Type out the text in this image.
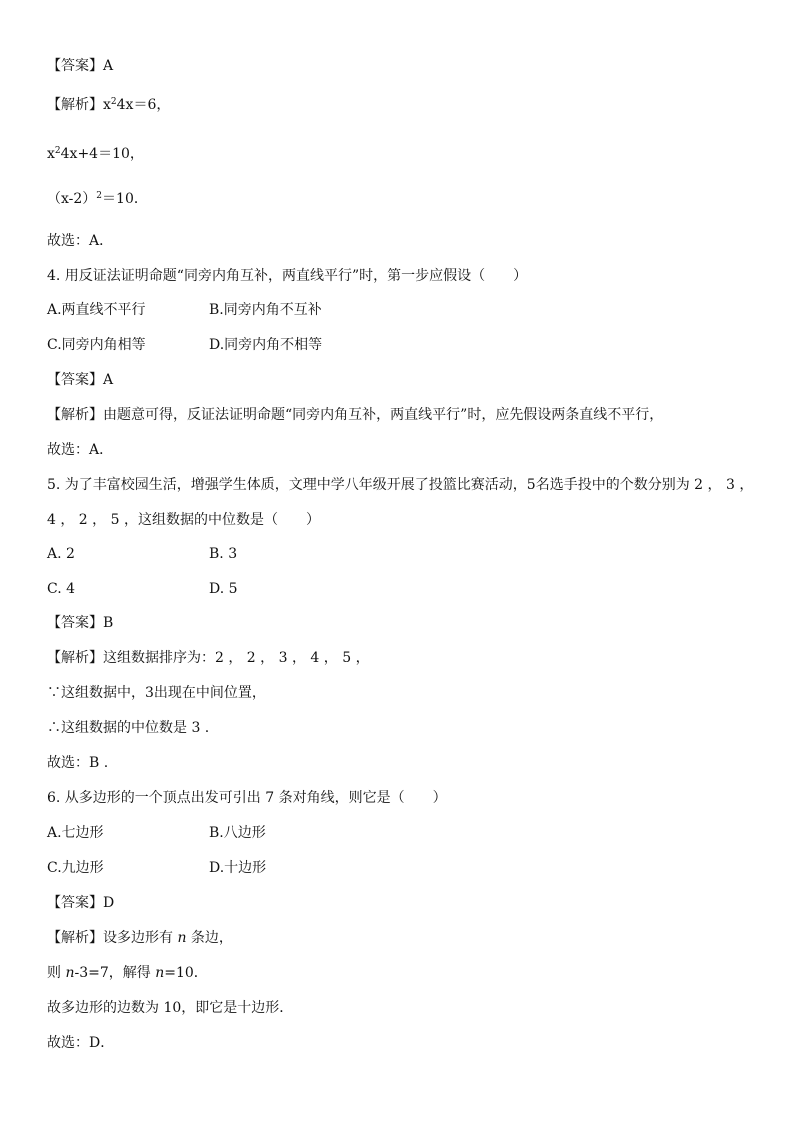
【答案】A
【解析】$x^24x=6$，
$x^24x+4=10$，
$(x-2)^2=10$．
故选：A．
4. 用反证法证明命题“同旁内角互补，两直线平行”时，第一步应假设（　　）
A.两直线不平行	B.同旁内角不互补
C.同旁内角相等	D.同旁内角不相等
【答案】A
【解析】由题意可得，反证法证明命题“同旁内角互补，两直线平行”时，应先假设两条直线不平行，
故选：A．
5. 为了丰富校园生活，增强学生体质，文理中学八年级开展了投篮比赛活动，5名选手投中的个数分别为 2 ， 3 ，
4 ， 2 ， 5 ，这组数据的中位数是（　　）
A. 2	B. 3
C. 4	D. 5
【答案】B
【解析】这组数据排序为：2 ， 2 ， 3 ， 4 ， 5 ，
∵这组数据中，3出现在中间位置，
∴这组数据的中位数是 3 .
故选：B .
6. 从多边形的一个顶点出发可引出 7 条对角线，则它是（　　）
A.七边形	B.八边形
C.九边形	D.十边形
【答案】D
【解析】设多边形有 n 条边，
则 n-3=7，解得 n=10．
故多边形的边数为 10，即它是十边形．
故选：D．
